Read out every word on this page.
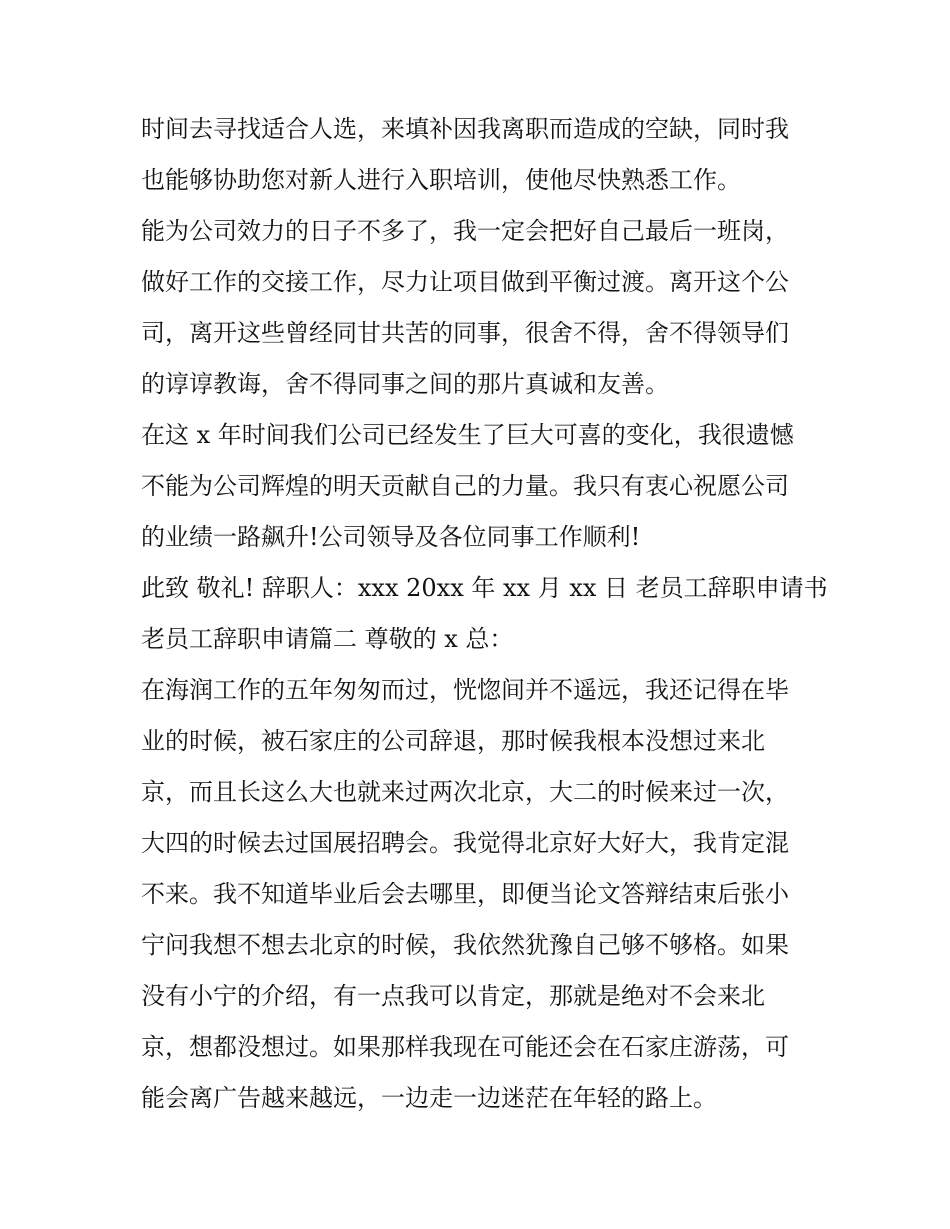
时间去寻找适合人选，来填补因我离职而造成的空缺，同时我
也能够协助您对新人进行入职培训，使他尽快熟悉工作。
能为公司效力的日子不多了，我一定会把好自己最后一班岗，
做好工作的交接工作，尽力让项目做到平衡过渡。离开这个公
司，离开这些曾经同甘共苦的同事，很舍不得，舍不得领导们
的谆谆教诲，舍不得同事之间的那片真诚和友善。
在这 x 年时间我们公司已经发生了巨大可喜的变化，我很遗憾
不能为公司辉煌的明天贡献自己的力量。我只有衷心祝愿公司
的业绩一路飙升!公司领导及各位同事工作顺利!
此致 敬礼! 辞职人：xxx 20xx 年 xx 月 xx 日 老员工辞职申请书
老员工辞职申请篇二 尊敬的 x 总：
在海润工作的五年匆匆而过，恍惚间并不遥远，我还记得在毕
业的时候，被石家庄的公司辞退，那时候我根本没想过来北
京，而且长这么大也就来过两次北京，大二的时候来过一次，
大四的时候去过国展招聘会。我觉得北京好大好大，我肯定混
不来。我不知道毕业后会去哪里，即便当论文答辩结束后张小
宁问我想不想去北京的时候，我依然犹豫自己够不够格。如果
没有小宁的介绍，有一点我可以肯定，那就是绝对不会来北
京，想都没想过。如果那样我现在可能还会在石家庄游荡，可
能会离广告越来越远，一边走一边迷茫在年轻的路上。
